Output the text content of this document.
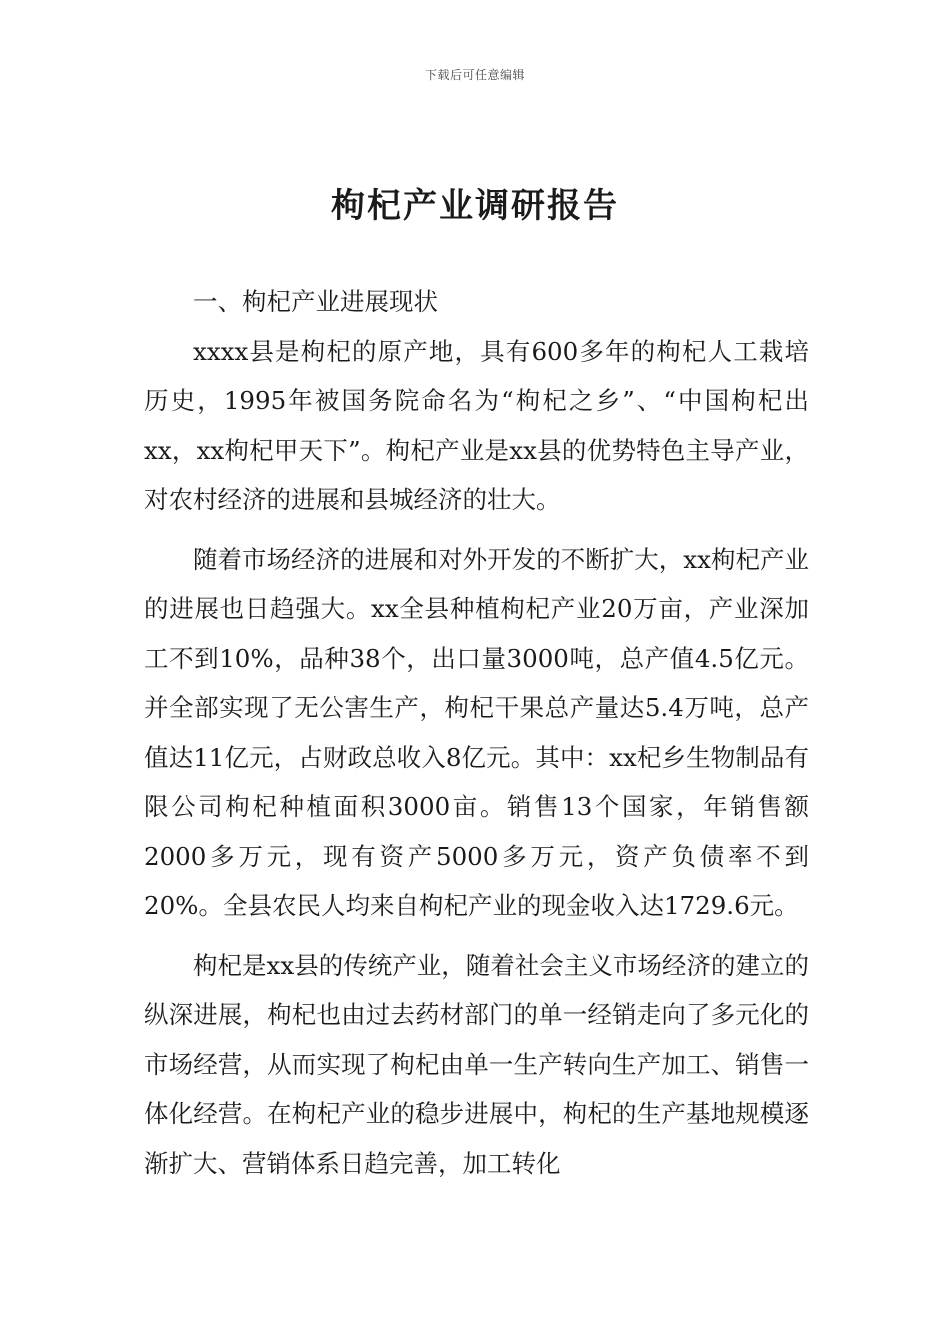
下载后可任意编辑
枸杞产业调研报告
一、枸杞产业进展现状

xxxx县是枸杞的原产地，具有600多年的枸杞人工栽培历史，1995年被国务院命名为“枸杞之乡”、“中国枸杞出xx，xx枸杞甲天下”。枸杞产业是xx县的优势特色主导产业，对农村经济的进展和县城经济的壮大。

随着市场经济的进展和对外开发的不断扩大，xx枸杞产业的进展也日趋强大。xx全县种植枸杞产业20万亩，产业深加工不到10%，品种38个，出口量3000吨，总产值4.5亿元。并全部实现了无公害生产，枸杞干果总产量达5.4万吨，总产值达11亿元，占财政总收入8亿元。其中：xx杞乡生物制品有限公司枸杞种植面积3000亩。销售13个国家，年销售额2000多万元，现有资产5000多万元，资产负债率不到20%。全县农民人均来自枸杞产业的现金收入达1729.6元。

枸杞是xx县的传统产业，随着社会主义市场经济的建立的纵深进展，枸杞也由过去药材部门的单一经销走向了多元化的市场经营，从而实现了枸杞由单一生产转向生产加工、销售一体化经营。在枸杞产业的稳步进展中，枸杞的生产基地规模逐渐扩大、营销体系日趋完善，加工转化
